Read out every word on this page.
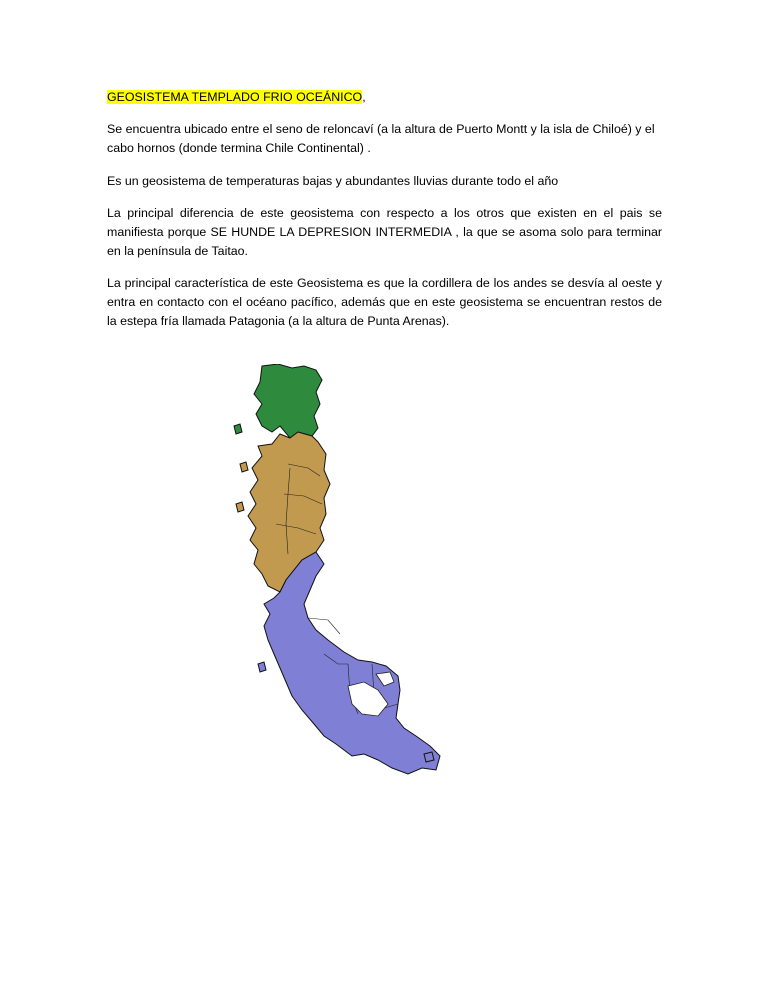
GEOSISTEMA TEMPLADO FRIO OCEÁNICO,
Se encuentra ubicado entre el seno de reloncaví (a la altura de Puerto Montt y la isla de Chiloé) y el cabo hornos (donde termina Chile Continental) .
Es un geosistema de temperaturas bajas y abundantes lluvias durante todo el año
La principal diferencia de este geosistema con respecto a los otros que existen en el pais se manifiesta porque SE HUNDE LA DEPRESION INTERMEDIA , la que se asoma solo para terminar en la península de Taitao.
La principal característica de este Geosistema es que la cordillera de los andes se desvía al oeste y entra en contacto con el océano pacífico, además que en este geosistema se encuentran restos de la estepa fría llamada Patagonia (a la altura de Punta Arenas).
